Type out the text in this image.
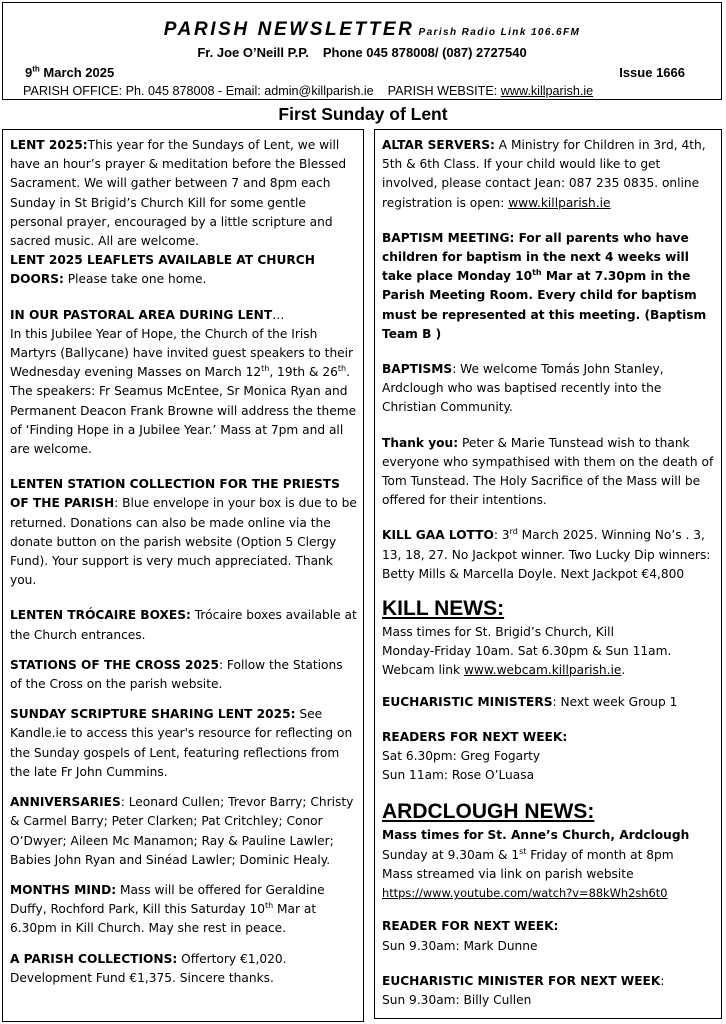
PARISH NEWSLETTER Parish Radio Link 106.6FM
Fr. Joe O’Neill P.P. Phone 045 878008/ (087) 2727540
9th March 2025	Issue 1666
PARISH OFFICE: Ph. 045 878008 - Email: admin@killparish.ie PARISH WEBSITE: www.killparish.ie
First Sunday of Lent

LENT 2025:This year for the Sundays of Lent, we will have an hour’s prayer & meditation before the Blessed Sacrament. We will gather between 7 and 8pm each Sunday in St Brigid’s Church Kill for some gentle personal prayer, encouraged by a little scripture and sacred music. All are welcome.

LENT 2025 LEAFLETS AVAILABLE AT CHURCH DOORS: Please take one home.

IN OUR PASTORAL AREA DURING LENT…
In this Jubilee Year of Hope, the Church of the Irish Martyrs (Ballycane) have invited guest speakers to their Wednesday evening Masses on March 12th, 19th & 26th. The speakers: Fr Seamus McEntee, Sr Monica Ryan and Permanent Deacon Frank Browne will address the theme of ‘Finding Hope in a Jubilee Year.’ Mass at 7pm and all are welcome.

LENTEN STATION COLLECTION FOR THE PRIESTS OF THE PARISH: Blue envelope in your box is due to be returned. Donations can also be made online via the donate button on the parish website (Option 5 Clergy Fund). Your support is very much appreciated. Thank you.

LENTEN TRÓCAIRE BOXES: Trócaire boxes available at the Church entrances.

STATIONS OF THE CROSS 2025: Follow the Stations of the Cross on the parish website.

SUNDAY SCRIPTURE SHARING LENT 2025: See Kandle.ie to access this year's resource for reflecting on the Sunday gospels of Lent, featuring reflections from the late Fr John Cummins.

ANNIVERSARIES: Leonard Cullen; Trevor Barry; Christy & Carmel Barry; Peter Clarken; Pat Critchley; Conor O’Dwyer; Aileen Mc Manamon; Ray & Pauline Lawler; Babies John Ryan and Sinéad Lawler; Dominic Healy.

MONTHS MIND: Mass will be offered for Geraldine Duffy, Rochford Park, Kill this Saturday 10th Mar at 6.30pm in Kill Church. May she rest in peace.

A PARISH COLLECTIONS: Offertory €1,020. Development Fund €1,375. Sincere thanks.

ALTAR SERVERS: A Ministry for Children in 3rd, 4th, 5th & 6th Class. If your child would like to get involved, please contact Jean: 087 235 0835. online registration is open: www.killparish.ie

BAPTISM MEETING: For all parents who have children for baptism in the next 4 weeks will take place Monday 10th Mar at 7.30pm in the Parish Meeting Room. Every child for baptism must be represented at this meeting. (Baptism Team B )

BAPTISMS: We welcome Tomás John Stanley, Ardclough who was baptised recently into the Christian Community.

Thank you: Peter & Marie Tunstead wish to thank everyone who sympathised with them on the death of Tom Tunstead. The Holy Sacrifice of the Mass will be offered for their intentions.

KILL GAA LOTTO: 3rd March 2025. Winning No’s . 3, 13, 18, 27. No Jackpot winner. Two Lucky Dip winners: Betty Mills & Marcella Doyle. Next Jackpot €4,800

KILL NEWS:

Mass times for St. Brigid’s Church, Kill
Monday-Friday 10am. Sat 6.30pm & Sun 11am.
Webcam link www.webcam.killparish.ie.

EUCHARISTIC MINISTERS: Next week Group 1

READERS FOR NEXT WEEK:
Sat 6.30pm: Greg Fogarty
Sun 11am: Rose O’Luasa

ARDCLOUGH NEWS:

Mass times for St. Anne’s Church, Ardclough
Sunday at 9.30am & 1st Friday of month at 8pm
Mass streamed via link on parish website
https://www.youtube.com/watch?v=88kWh2sh6t0

READER FOR NEXT WEEK:
Sun 9.30am: Mark Dunne

EUCHARISTIC MINISTER FOR NEXT WEEK:
Sun 9.30am: Billy Cullen
